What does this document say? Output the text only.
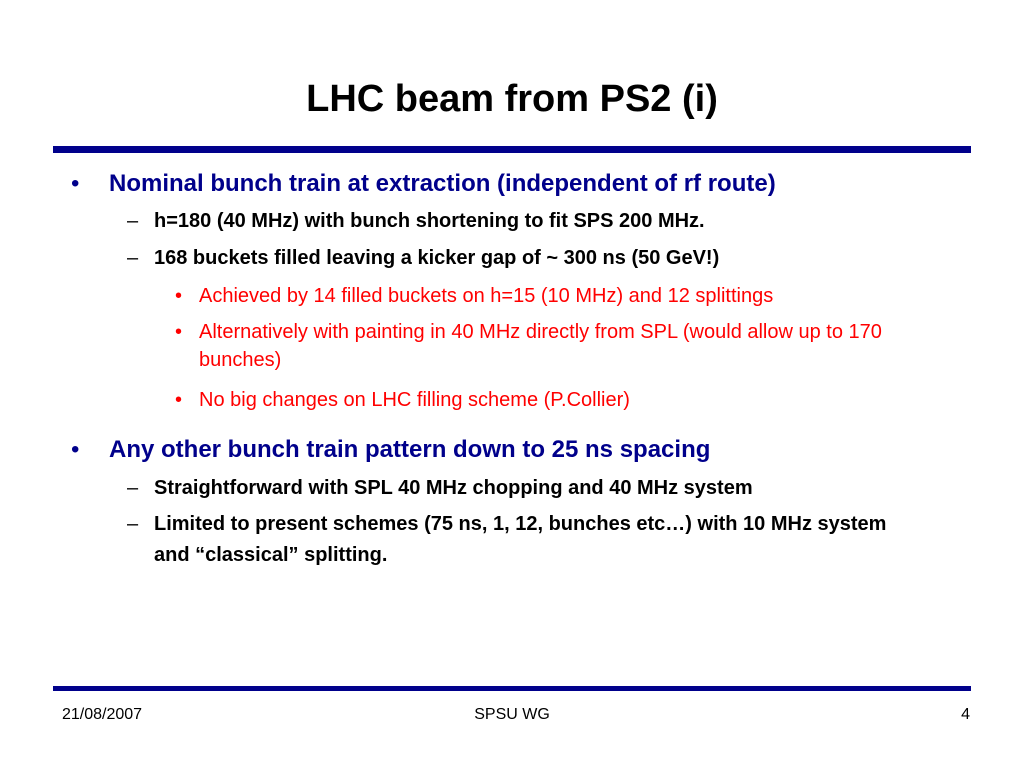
LHC beam from PS2 (i)
• Nominal bunch train at extraction (independent of rf route)
– h=180 (40 MHz) with bunch shortening to fit SPS 200 MHz.
– 168 buckets filled leaving a kicker gap of ~ 300 ns (50 GeV!)
• Achieved by 14 filled buckets on h=15 (10 MHz) and 12 splittings
• Alternatively with painting in 40 MHz directly from SPL (would allow up to 170 bunches)
• No big changes on LHC filling scheme (P.Collier)
• Any other bunch train pattern down to 25 ns spacing
– Straightforward with SPL 40 MHz chopping and 40 MHz system
– Limited to present schemes (75 ns, 1, 12, bunches etc…) with 10 MHz system and “classical” splitting.
21/08/2007	SPSU WG	4
